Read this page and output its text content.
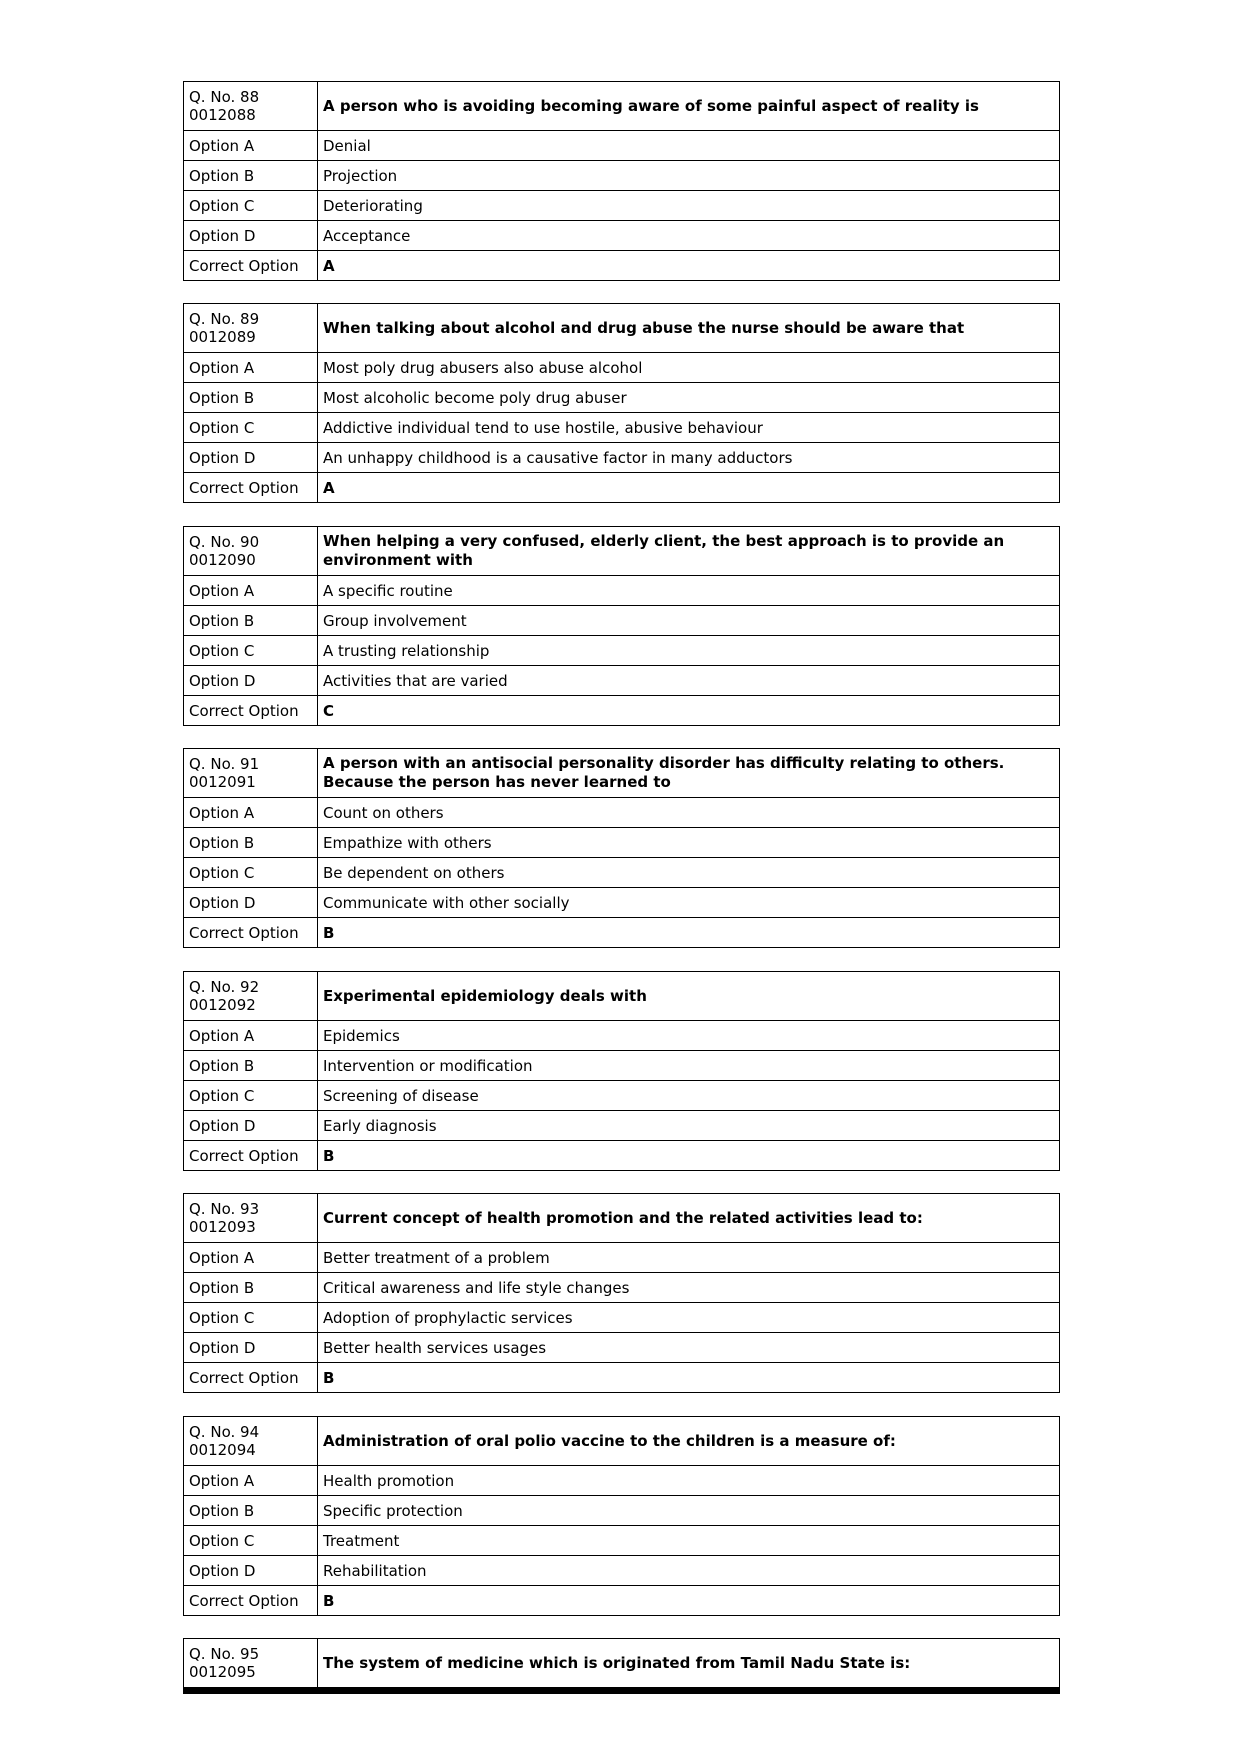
Q. No. 88
0012088	A person who is avoiding becoming aware of some painful aspect of reality is
Option A	Denial
Option B	Projection
Option C	Deteriorating
Option D	Acceptance
Correct Option	A
Q. No. 89
0012089	When talking about alcohol and drug abuse the nurse should be aware that
Option A	Most poly drug abusers also abuse alcohol
Option B	Most alcoholic become poly drug abuser
Option C	Addictive individual tend to use hostile, abusive behaviour
Option D	An unhappy childhood is a causative factor in many adductors
Correct Option	A
Q. No. 90
0012090	When helping a very confused, elderly client, the best approach is to provide an environment with
Option A	A specific routine
Option B	Group involvement
Option C	A trusting relationship
Option D	Activities that are varied
Correct Option	C
Q. No. 91
0012091	A person with an antisocial personality disorder has difficulty relating to others. Because the person has never learned to
Option A	Count on others
Option B	Empathize with others
Option C	Be dependent on others
Option D	Communicate with other socially
Correct Option	B
Q. No. 92
0012092	Experimental epidemiology deals with
Option A	Epidemics
Option B	Intervention or modification
Option C	Screening of disease
Option D	Early diagnosis
Correct Option	B
Q. No. 93
0012093	Current concept of health promotion and the related activities lead to:
Option A	Better treatment of a problem
Option B	Critical awareness and life style changes
Option C	Adoption of prophylactic services
Option D	Better health services usages
Correct Option	B
Q. No. 94
0012094	Administration of oral polio vaccine to the children is a measure of:
Option A	Health promotion
Option B	Specific protection
Option C	Treatment
Option D	Rehabilitation
Correct Option	B
Q. No. 95
0012095	The system of medicine which is originated from Tamil Nadu State is:
